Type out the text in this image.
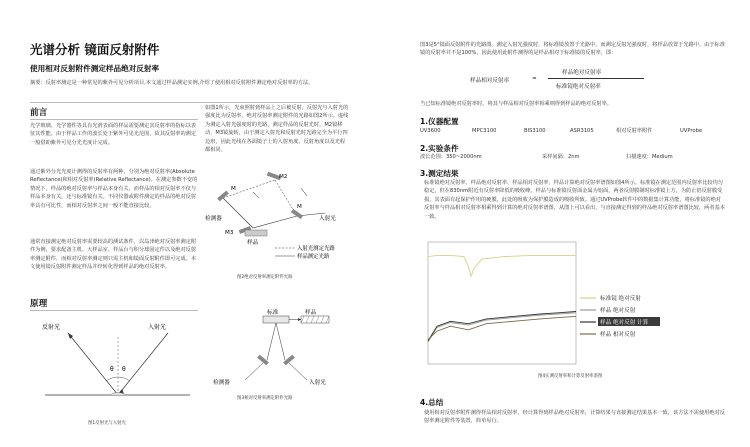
光谱分析 镜面反射附件
使用相对反射附件测定样品绝对反射率
摘要：反射率测定是一种常见的紫外可见分析项目,本文通过样品测定实例,介绍了使用相对反射附件测定绝对反射率的方法。
前言
光学玻璃、光学器件等具有光滑表面的样品需要测定其反射率的指标以表征其性能。由于样品工作的波长处于紫外可见光范围，故其反射率的测定一般借助紫外可见分光光度计完成。
通过紫外分光光度计测得的反射率有两种，分别为绝对反射率(Absolute Reflectance)和相对反射率(Relative Reflectance)。在测定参数不变的情况下，样品的绝对反射率与样品本身有关，而样品的相对反射率不仅与样品本身有关，还与标准镜有关。不同仪器或附件测定的样品的绝对反射率具有可比性，而相对反射率之间一般不能直接比较。
通常直接测定绝对反射率需要较高的测试条件，以岛津绝对反射率测定附件为例，要求配备主机、大样品室、样品台与积分球固定件以及绝对反射率测定附件，而相对反射率测定则只需主机和镜面反射附件即可完成。本文使用镜反射附件测定样品并经转化得到样品的绝对反射率。
原理
反射光	入射光
θ θ
图1反射光与入射光
如图1所示，光束照射到样品上之后被反射，反射光与入射光的强度比为反射率。绝对反射率测定附件的光路如图2所示。虚线为测定入射光强度时的光路，测定样品的反射光时，M2镜移动，M3镜旋转，由于测定入射光和反射光时光路完全为平行四边形，因此光线在各面镜子上的入射角度、反射角度以及光程都相同。
M2
M
M
M3
检测器	入射光
样品
入射光测定光路
样品测定光路
图2绝对反射率测定附件光路
标准	样品
检测器	入射光
图3相对反射率测定附件光路
图3是5°镜面反射附件的光路图。测定入射光强度时，将标准镜放置于光路中，而测定反射光强度时，将样品放置于光路中。由于标准镜的反射率并不是100%，因此使用此附件测得的是样品相对于标准镜的反射率，即：
样品相对反射率	=
样品绝对反射率
标准镜绝对反射率
当已知标准镜绝对反射率时，将其与样品相对反射率相乘则得到样品的绝对反射率。
1.仪器配置
UV3600	MPC3100	BIS3100	ASR3105	相对反射率附件	UVProbe
2.实验条件
波长范围：350~2000nm	采样间隔：2nm	扫描速度：Medium
3.测定结果
标准镜绝对反射率、样品绝对反射率、样品相对反射率，样品计算绝对反射率谱图如图4所示。标准镜在测定范围内反射率比较均匀稳定，但在830nm附近有反射率降低的吸收峰。样品与标准镜反射面金属为铝面，两者反射膜制时标准镜上方，为防止铝反射膜受损，其表面有起保护作用的硬膜，此处的吸收为保护膜造成的吸收所致。通过UVProbe软件中的数据集计算功能，将标准镜的绝对反射率与样品相对反射率相乘得到计算的绝对反射率谱图，从图上可以看出，与直接测定得到的样品绝对反射率谱图比较，两者基本一致。
标准镜 绝对反射
样品 绝对反射
样品 绝对反射 计算
样品 相对反射
图4实测反射率和计算反射率谱图
4.总结
使用相对反射率附件测得样品相对反射率，经计算得到样品绝对反射率，计算结果与直接测定结果基本一致，该方法不需使用绝对反射率测定附件等装置，简单易行。
